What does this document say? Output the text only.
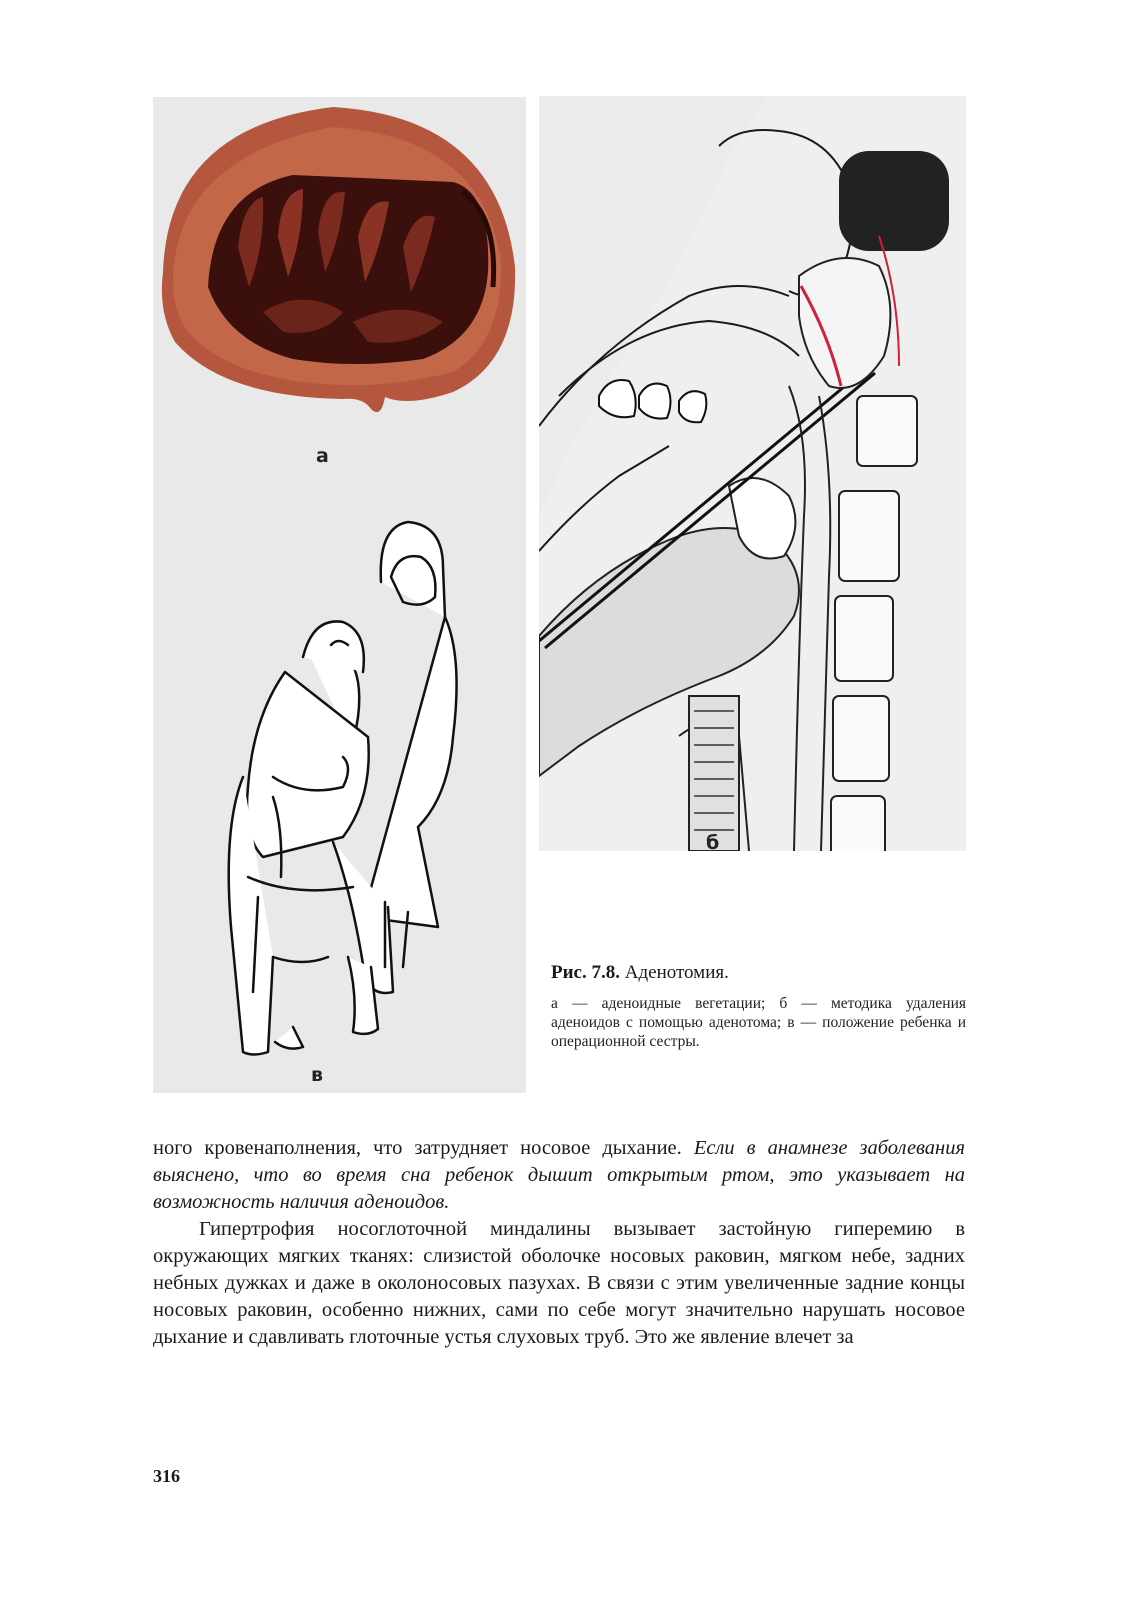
а
в
б
Рис. 7.8. Аденотомия.
а — аденоидные вегетации; б — методика удаления аденоидов с помощью аденотома; в — положение ребенка и операционной сестры.

ного кровенаполнения, что затрудняет носовое дыхание. Если в анамнезе заболевания выяснено, что во время сна ребенок дышит открытым ртом, это указывает на возможность наличия аденоидов.

Гипертрофия носоглоточной миндалины вызывает застойную гиперемию в окружающих мягких тканях: слизистой оболочке носовых раковин, мягком небе, задних небных дужках и даже в околоносовых пазухах. В связи с этим увеличенные задние концы носовых раковин, особенно нижних, сами по себе могут значительно нарушать носовое дыхание и сдавливать глоточные устья слуховых труб. Это же явление влечет за

316
